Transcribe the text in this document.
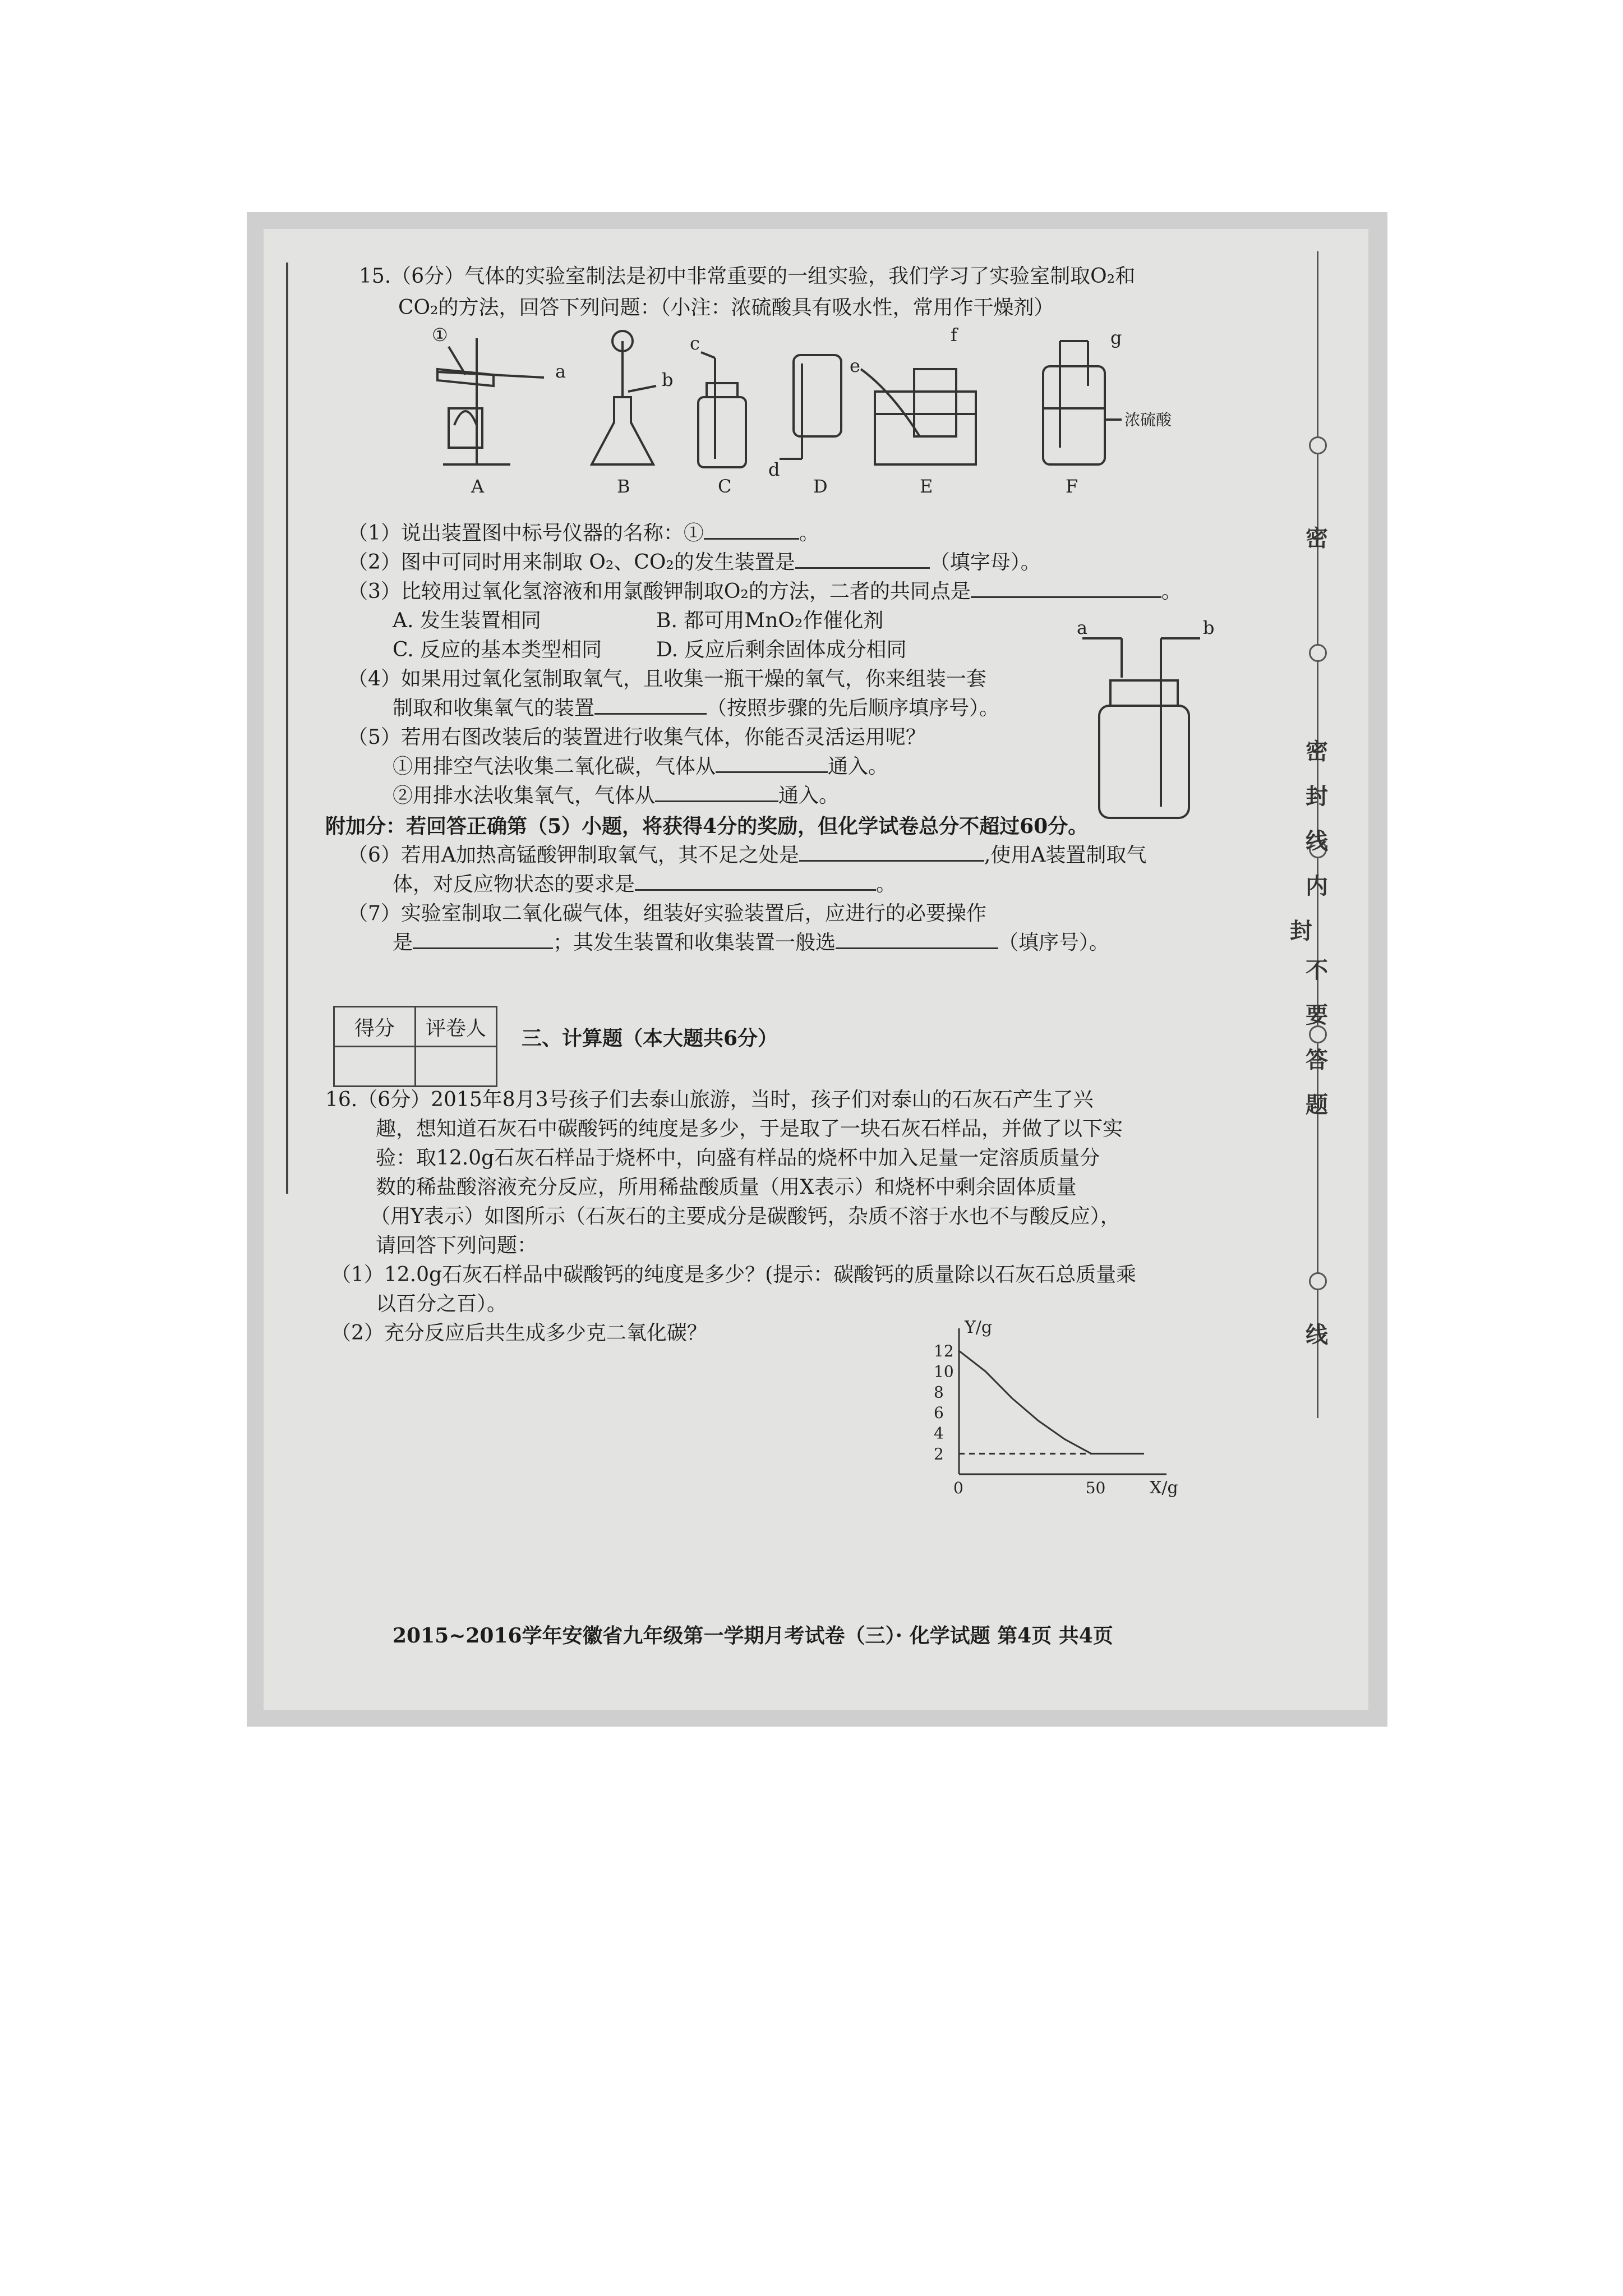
15.（6分）气体的实验室制法是初中非常重要的一组实验，我们学习了实验室制取O₂和
CO₂的方法，回答下列问题：（小注：浓硫酸具有吸水性，常用作干燥剂）
①
a	b
c
d
e
f	g
浓硫酸
A	B	C	D	E	F
（1）说出装置图中标号仪器的名称：①	。
（2）图中可同时用来制取 O₂、CO₂的发生装置是	（填字母）。
（3）比较用过氧化氢溶液和用氯酸钾制取O₂的方法，二者的共同点是	。
A. 发生装置相同	B. 都可用MnO₂作催化剂
C. 反应的基本类型相同	D. 反应后剩余固体成分相同
（4）如果用过氧化氢制取氧气，且收集一瓶干燥的氧气，你来组装一套
制取和收集氧气的装置	（按照步骤的先后顺序填序号）。
（5）若用右图改装后的装置进行收集气体，你能否灵活运用呢？
①用排空气法收集二氧化碳，气体从	通入。
②用排水法收集氧气，气体从	通入。
a	b
附加分：若回答正确第（5）小题，将获得4分的奖励，但化学试卷总分不超过60分。
（6）若用A加热高锰酸钾制取氧气，其不足之处是	,使用A装置制取气
体，对反应物状态的要求是	。
（7）实验室制取二氧化碳气体，组装好实验装置后，应进行的必要操作
是	；其发生装置和收集装置一般选	（填序号）。
得分	评卷人
	三、计算题（本大题共6分）
16.（6分）2015年8月3号孩子们去泰山旅游，当时，孩子们对泰山的石灰石产生了兴
趣，想知道石灰石中碳酸钙的纯度是多少，于是取了一块石灰石样品，并做了以下实
验：取12.0g石灰石样品于烧杯中，向盛有样品的烧杯中加入足量一定溶质质量分
数的稀盐酸溶液充分反应，所用稀盐酸质量（用X表示）和烧杯中剩余固体质量
（用Y表示）如图所示（石灰石的主要成分是碳酸钙，杂质不溶于水也不与酸反应），
请回答下列问题：
（1）12.0g石灰石样品中碳酸钙的纯度是多少？(提示：碳酸钙的质量除以石灰石总质量乘
以百分之百）。
（2）充分反应后共生成多少克二氧化碳？
12
10
8
6
4
2
0	50
Y/g
X/g
密
密
封
线
内
不
要
答
题
封
线
2015~2016学年安徽省九年级第一学期月考试卷（三）· 化学试题 第4页 共4页
